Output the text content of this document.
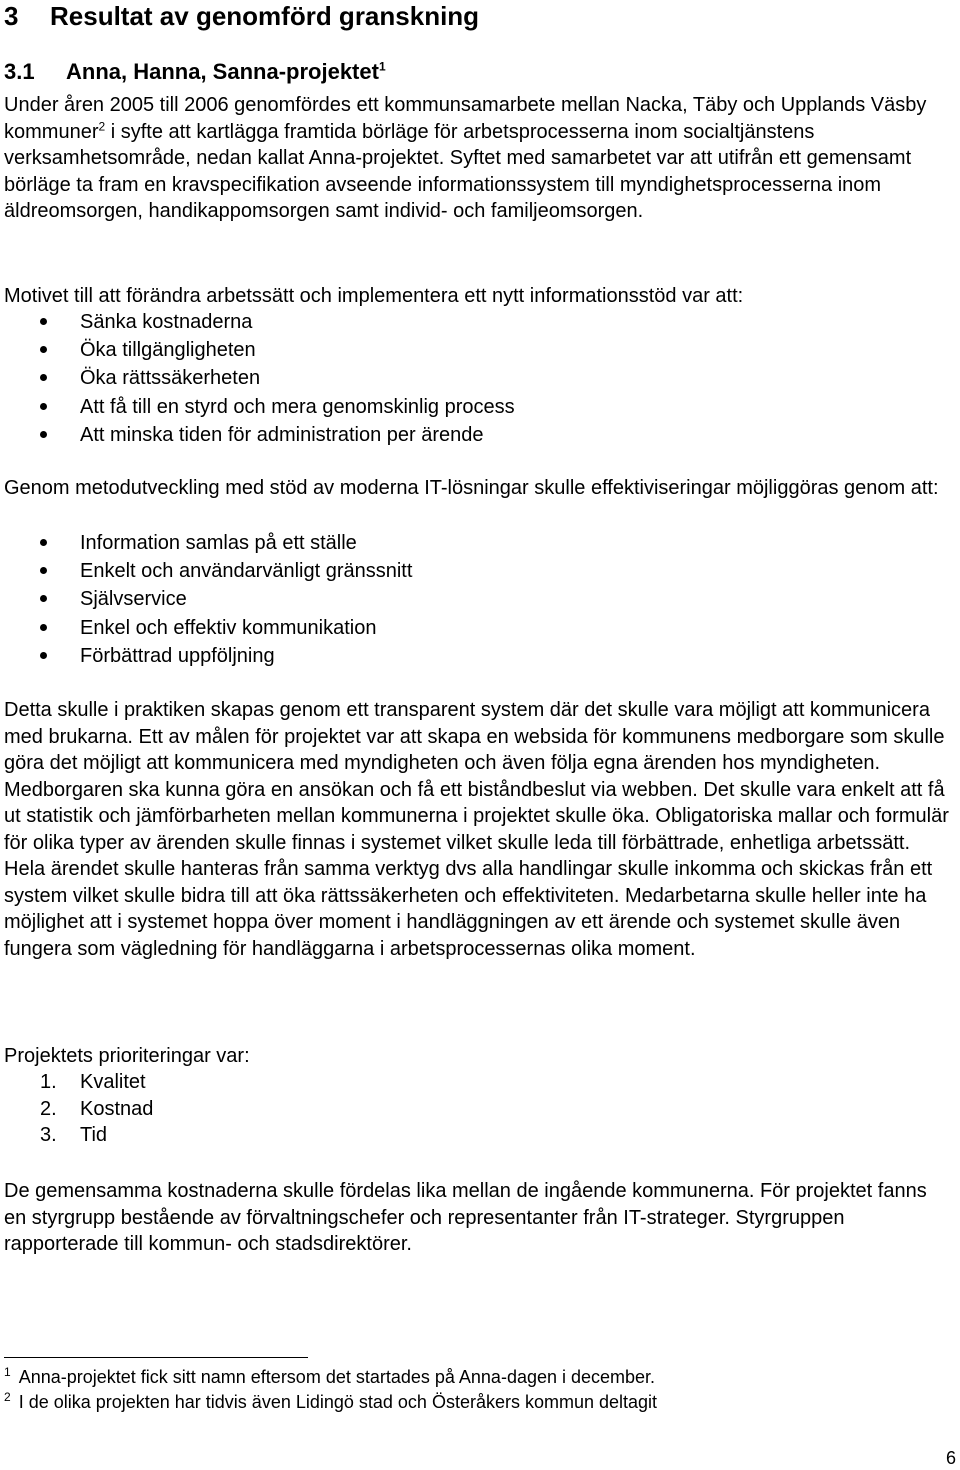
3 Resultat av genomförd granskning
3.1 Anna, Hanna, Sanna-projektet$^1$

Under åren 2005 till 2006 genomfördes ett kommunsamarbete mellan Nacka, Täby och Upplands Väsby kommuner$^2$ i syfte att kartlägga framtida börläge för arbetsprocesserna inom socialtjänstens verksamhetsområde, nedan kallat Anna-projektet. Syftet med samarbetet var att utifrån ett gemensamt börläge ta fram en kravspecifikation avseende informationssystem till myndighetsprocesserna inom äldreomsorgen, handikappomsorgen samt individ- och familjeomsorgen.

Motivet till att förändra arbetssätt och implementera ett nytt informationsstöd var att:

Sänka kostnaderna
Öka tillgängligheten
Öka rättssäkerheten
Att få till en styrd och mera genomskinlig process
Att minska tiden för administration per ärende

Genom metodutveckling med stöd av moderna IT-lösningar skulle effektiviseringar möjliggöras genom att:

Information samlas på ett ställe
Enkelt och användarvänligt gränssnitt
Självservice
Enkel och effektiv kommunikation
Förbättrad uppföljning

Detta skulle i praktiken skapas genom ett transparent system där det skulle vara möjligt att kommunicera med brukarna. Ett av målen för projektet var att skapa en websida för kommunens medborgare som skulle göra det möjligt att kommunicera med myndigheten och även följa egna ärenden hos myndigheten. Medborgaren ska kunna göra en ansökan och få ett biståndbeslut via webben. Det skulle vara enkelt att få ut statistik och jämförbarheten mellan kommunerna i projektet skulle öka. Obligatoriska mallar och formulär för olika typer av ärenden skulle finnas i systemet vilket skulle leda till förbättrade, enhetliga arbetssätt. Hela ärendet skulle hanteras från samma verktyg dvs alla handlingar skulle inkomma och skickas från ett system vilket skulle bidra till att öka rättssäkerheten och effektiviteten. Medarbetarna skulle heller inte ha möjlighet att i systemet hoppa över moment i handläggningen av ett ärende och systemet skulle även fungera som vägledning för handläggarna i arbetsprocessernas olika moment.

Projektets prioriteringar var:

1. Kvalitet
2. Kostnad
3. Tid

De gemensamma kostnaderna skulle fördelas lika mellan de ingående kommunerna. För projektet fanns en styrgrupp bestående av förvaltningschefer och representanter från IT-strateger. Styrgruppen rapporterade till kommun- och stadsdirektörer.

$^1$ Anna-projektet fick sitt namn eftersom det startades på Anna-dagen i december.
$^2$ I de olika projekten har tidvis även Lidingö stad och Österåkers kommun deltagit
6
